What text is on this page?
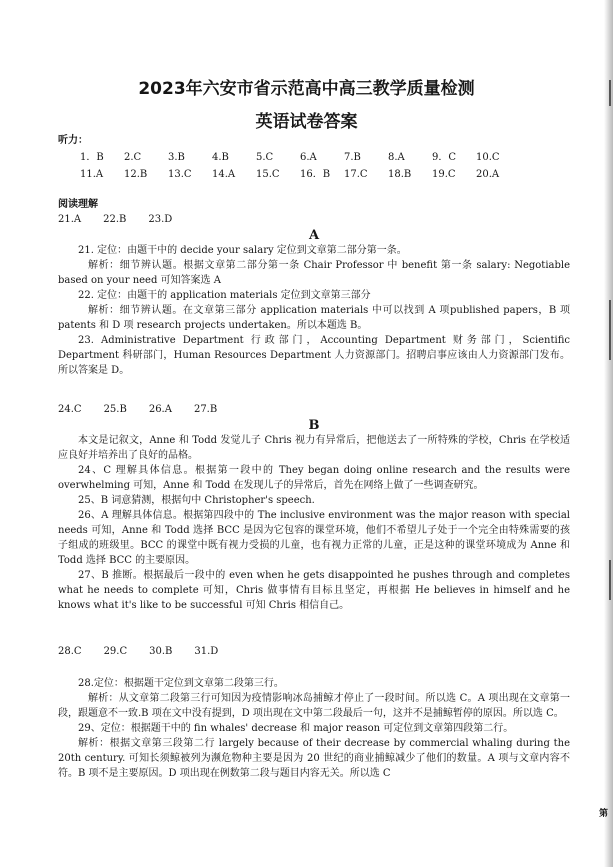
第
2023年六安市省示范高中高三教学质量检测
英语试卷答案

听力：

1．B	2.C	3.B	4.B	5.C	6.A	7.B	8.A	9．C	10.C
11.A	12.B	13.C	14.A	15.C	16．B	17.C	18.B	19.C	20.A

阅读理解

21.A 22.B 23.D

A

21. 定位：由题干中的 decide your salary 定位到文章第二部分第一条。

解析：细节辨认题。根据文章第二部分第一条 Chair Professor 中 benefit 第一条 salary: Negotiable based on your need 可知答案选 A

22. 定位：由题干的 application materials 定位到文章第三部分

解析：细节辨认题。在文章第三部分 application materials 中可以找到 A 项published papers，B 项 patents 和 D 项 research projects undertaken。所以本题选 B。

23. Administrative Department 行政部门，Accounting Department 财务部门，Scientific Department 科研部门，Human Resources Department 人力资源部门。招聘启事应该由人力资源部门发布。所以答案是 D。

24.C 25.B 26.A 27.B

B

本文是记叙文，Anne 和 Todd 发觉儿子 Chris 视力有异常后，把他送去了一所特殊的学校，Chris 在学校适应良好并培养出了良好的品格。

24、C 理解具体信息。根据第一段中的 They began doing online research and the results were overwhelming 可知，Anne 和 Todd 在发现儿子的异常后，首先在网络上做了一些调查研究。

25、B 词意猜测，根据句中 Christopher's speech.

26、A 理解具体信息。根据第四段中的 The inclusive environment was the major reason with special needs 可知，Anne 和 Todd 选择 BCC 是因为它包容的课堂环境，他们不希望儿子处于一个完全由特殊需要的孩子组成的班级里。BCC 的课堂中既有视力受损的儿童，也有视力正常的儿童，正是这种的课堂环境成为 Anne 和 Todd 选择 BCC 的主要原因。

27、B 推断。根据最后一段中的 even when he gets disappointed he pushes through and completes what he needs to complete 可知，Chris 做事情有目标且坚定，再根据 He believes in himself and he knows what it's like to be successful 可知 Chris 相信自己。

28.C 29.C 30.B 31.D

28.定位：根据题干定位到文章第二段第三行。

解析：从文章第二段第三行可知因为疫情影响冰岛捕鲸才停止了一段时间。所以选 C。A 项出现在文章第一段，跟题意不一致.B 项在文中没有提到，D 项出现在文中第二段最后一句，这并不是捕鲸暂停的原因。所以选 C。

29、定位：根据题干中的 fin whales' decrease 和 major reason 可定位到文章第四段第二行。

解析：根据文章第三段第二行 largely because of their decrease by commercial whaling during the 20th century. 可知长须鲸被列为濒危物种主要是因为 20 世纪的商业捕鲸减少了他们的数量。A 项与文章内容不符。B 项不是主要原因。D 项出现在例数第二段与题目内容无关。所以选 C
